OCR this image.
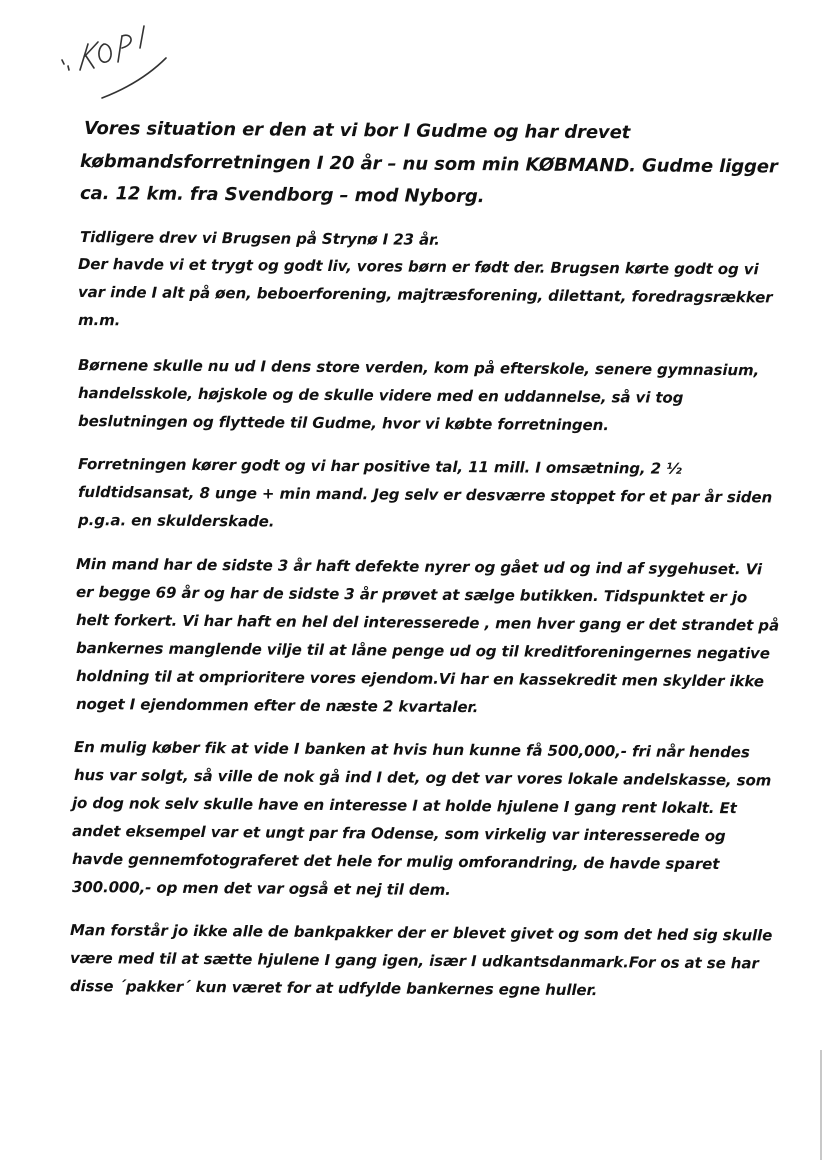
Vores situation er den at vi bor I Gudme og har drevet
købmandsforretningen I 20 år – nu som min KØBMAND. Gudme ligger
ca. 12 km. fra Svendborg – mod Nyborg.
Tidligere drev vi Brugsen på Strynø I 23 år.
Der havde vi et trygt og godt liv, vores børn er født der. Brugsen kørte godt og vi
var inde I alt på øen, beboerforening, majtræsforening, dilettant, foredragsrækker
m.m.
Børnene skulle nu ud I dens store verden, kom på efterskole, senere gymnasium,
handelsskole, højskole og de skulle videre med en uddannelse, så vi tog
beslutningen og flyttede til Gudme, hvor vi købte forretningen.
Forretningen kører godt og vi har positive tal, 11 mill. I omsætning, 2 ½
fuldtidsansat, 8 unge + min mand. Jeg selv er desværre stoppet for et par år siden
p.g.a. en skulderskade.
Min mand har de sidste 3 år haft defekte nyrer og gået ud og ind af sygehuset. Vi
er begge 69 år og har de sidste 3 år prøvet at sælge butikken. Tidspunktet er jo
helt forkert. Vi har haft en hel del interesserede , men hver gang er det strandet på
bankernes manglende vilje til at låne penge ud og til kreditforeningernes negative
holdning til at omprioritere vores ejendom.Vi har en kassekredit men skylder ikke
noget I ejendommen efter de næste 2 kvartaler.
En mulig køber fik at vide I banken at hvis hun kunne få 500,000,- fri når hendes
hus var solgt, så ville de nok gå ind I det, og det var vores lokale andelskasse, som
jo dog nok selv skulle have en interesse I at holde hjulene I gang rent lokalt. Et
andet eksempel var et ungt par fra Odense, som virkelig var interesserede og
havde gennemfotograferet det hele for mulig omforandring, de havde sparet
300.000,- op men det var også et nej til dem.
Man forstår jo ikke alle de bankpakker der er blevet givet og som det hed sig skulle
være med til at sætte hjulene I gang igen, især I udkantsdanmark.For os at se har
disse ´pakker´ kun været for at udfylde bankernes egne huller.
